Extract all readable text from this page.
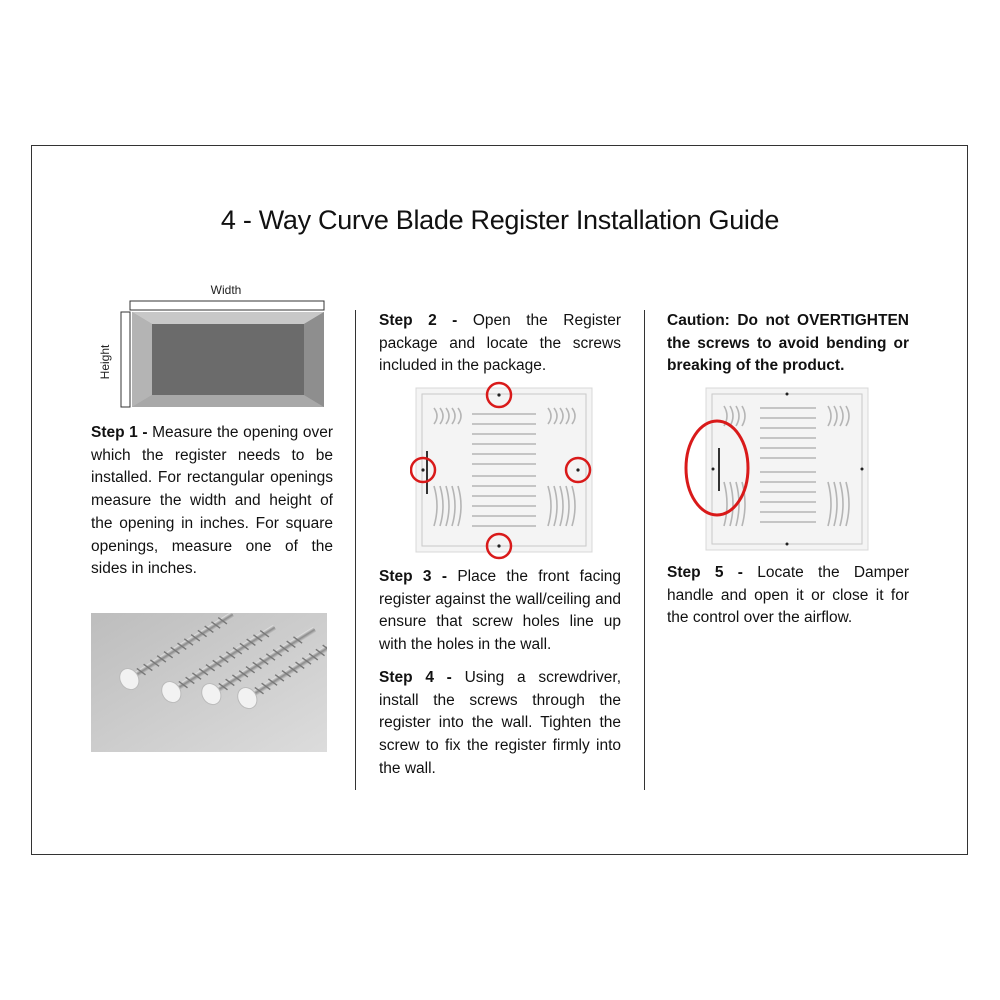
4 - Way Curve Blade Register Installation Guide
Width
Height

Step 1 - Measure the opening over which the register needs to be installed. For rectangular openings measure the width and height of the opening in inches. For square openings, measure one of the sides in inches.

Step 2 - Open the Register package and locate the screws included in the package.

Step 3 - Place the front facing register against the wall/ceiling and ensure that screw holes line up with the holes in the wall.

Step 4 - Using a screwdriver, install the screws through the register into the wall. Tighten the screw to fix the register firmly into the wall.

Caution: Do not OVERTIGHTEN the screws to avoid bending or breaking of the product.

Step 5 - Locate the Damper handle and open it or close it for the control over the airflow.
